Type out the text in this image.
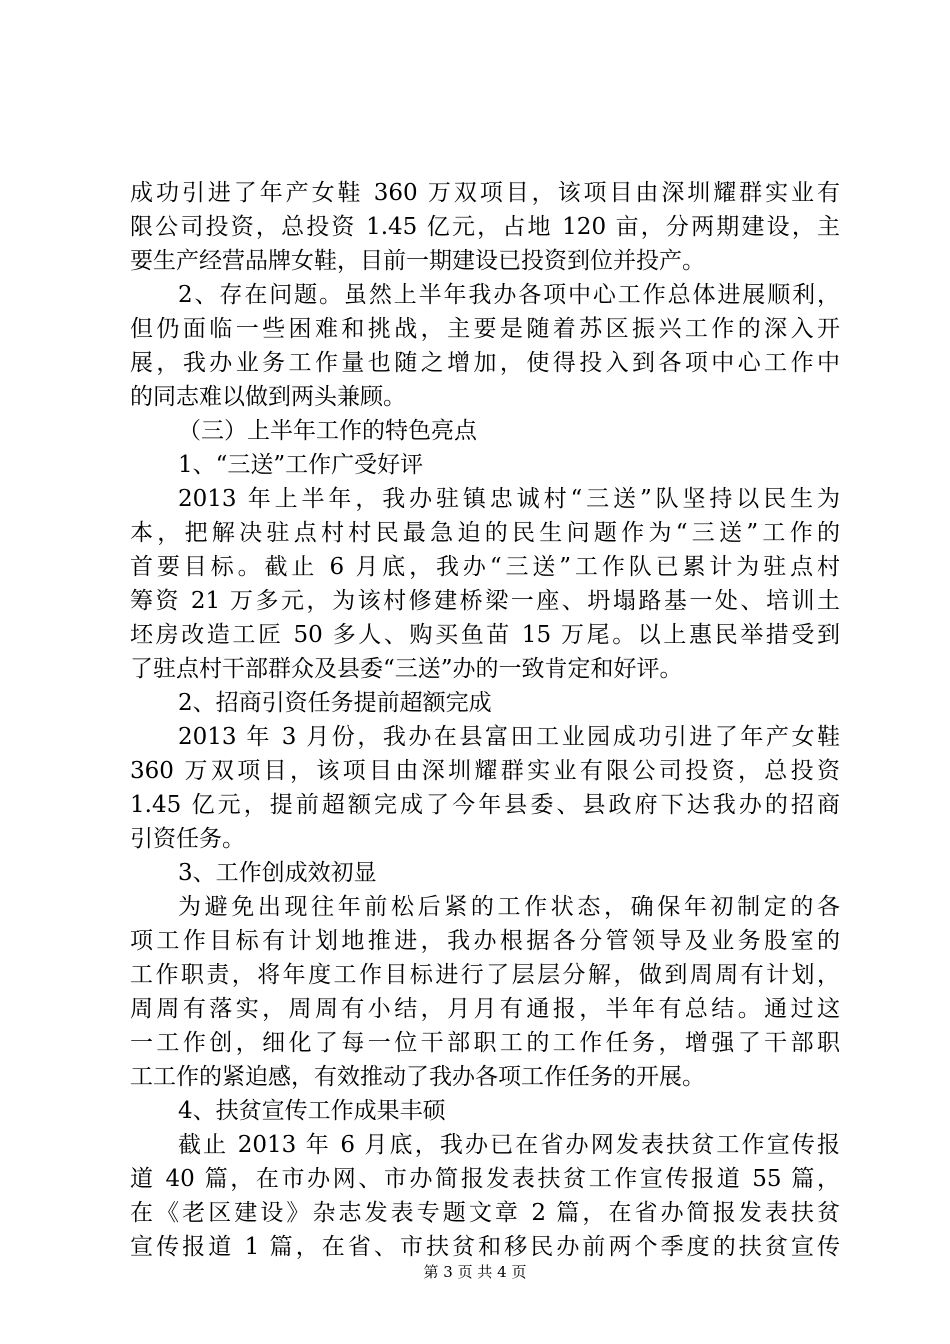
成功引进了年产女鞋 360 万双项目，该项目由深圳耀群实业有
限公司投资，总投资 1.45 亿元，占地 120 亩，分两期建设，主
要生产经营品牌女鞋，目前一期建设已投资到位并投产。
2、存在问题。虽然上半年我办各项中心工作总体进展顺利，
但仍面临一些困难和挑战，主要是随着苏区振兴工作的深入开
展，我办业务工作量也随之增加，使得投入到各项中心工作中
的同志难以做到两头兼顾。
（三）上半年工作的特色亮点
1、“三送”工作广受好评
2013 年上半年，我办驻镇忠诚村“三送”队坚持以民生为
本，把解决驻点村村民最急迫的民生问题作为“三送”工作的
首要目标。截止 6 月底，我办“三送”工作队已累计为驻点村
筹资 21 万多元，为该村修建桥梁一座、坍塌路基一处、培训土
坯房改造工匠 50 多人、购买鱼苗 15 万尾。以上惠民举措受到
了驻点村干部群众及县委“三送”办的一致肯定和好评。
2、招商引资任务提前超额完成
2013 年 3 月份，我办在县富田工业园成功引进了年产女鞋
360 万双项目，该项目由深圳耀群实业有限公司投资，总投资
1.45 亿元，提前超额完成了今年县委、县政府下达我办的招商
引资任务。
3、工作创成效初显
为避免出现往年前松后紧的工作状态，确保年初制定的各
项工作目标有计划地推进，我办根据各分管领导及业务股室的
工作职责，将年度工作目标进行了层层分解，做到周周有计划，
周周有落实，周周有小结，月月有通报，半年有总结。通过这
一工作创，细化了每一位干部职工的工作任务，增强了干部职
工工作的紧迫感，有效推动了我办各项工作任务的开展。
4、扶贫宣传工作成果丰硕
截止 2013 年 6 月底，我办已在省办网发表扶贫工作宣传报
道 40 篇，在市办网、市办简报发表扶贫工作宣传报道 55 篇，
在《老区建设》杂志发表专题文章 2 篇，在省办简报发表扶贫
宣传报道 1 篇，在省、市扶贫和移民办前两个季度的扶贫宣传
第 3 页 共 4 页
